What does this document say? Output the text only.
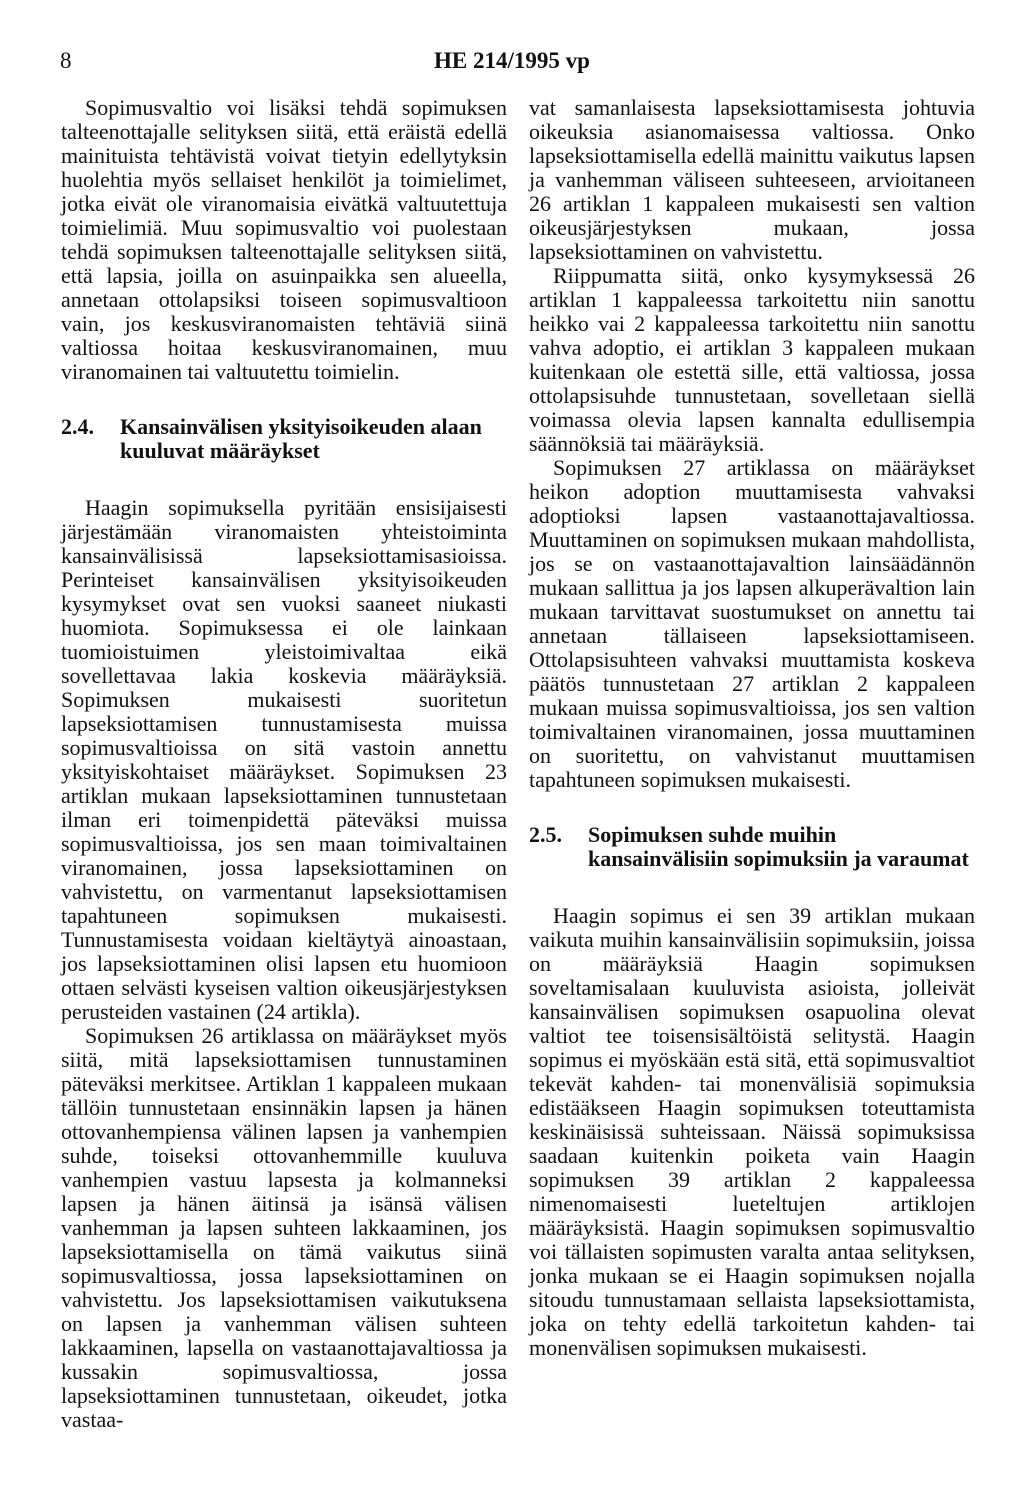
8	HE 214/1995 vp

Sopimusvaltio voi lisäksi tehdä sopimuksen talteenottajalle selityksen siitä, että eräistä edellä mainituista tehtävistä voivat tietyin edellytyksin huolehtia myös sellaiset henkilöt ja toimielimet, jotka eivät ole viranomaisia eivätkä valtuutettuja toimielimiä. Muu sopimusvaltio voi puolestaan tehdä sopimuksen talteenottajalle selityksen siitä, että lapsia, joilla on asuinpaikka sen alueella, annetaan ottolapsiksi toiseen sopimusvaltioon vain, jos keskusviranomaisten tehtäviä siinä valtiossa hoitaa keskusviranomainen, muu viranomainen tai valtuutettu toimielin.

2.4.	Kansainvälisen yksityisoikeuden alaan kuuluvat määräykset

Haagin sopimuksella pyritään ensisijaisesti järjestämään viranomaisten yhteistoiminta kansainvälisissä lapseksiottamisasioissa. Perinteiset kansainvälisen yksityisoikeuden kysymykset ovat sen vuoksi saaneet niukasti huomiota. Sopimuksessa ei ole lainkaan tuomioistuimen yleistoimivaltaa eikä sovellettavaa lakia koskevia määräyksiä. Sopimuksen mukaisesti suoritetun lapseksiottamisen tunnustamisesta muissa sopimusvaltioissa on sitä vastoin annettu yksityiskohtaiset määräykset. Sopimuksen 23 artiklan mukaan lapseksiottaminen tunnustetaan ilman eri toimenpidettä päteväksi muissa sopimusvaltioissa, jos sen maan toimivaltainen viranomainen, jossa lapseksiottaminen on vahvistettu, on varmentanut lapseksiottamisen tapahtuneen sopimuksen mukaisesti. Tunnustamisesta voidaan kieltäytyä ainoastaan, jos lapseksiottaminen olisi lapsen etu huomioon ottaen selvästi kyseisen valtion oikeusjärjestyksen perusteiden vastainen (24 artikla).

Sopimuksen 26 artiklassa on määräykset myös siitä, mitä lapseksiottamisen tunnustaminen päteväksi merkitsee. Artiklan 1 kappaleen mukaan tällöin tunnustetaan ensinnäkin lapsen ja hänen ottovanhempiensa välinen lapsen ja vanhempien suhde, toiseksi ottovanhemmille kuuluva vanhempien vastuu lapsesta ja kolmanneksi lapsen ja hänen äitinsä ja isänsä välisen vanhemman ja lapsen suhteen lakkaaminen, jos lapseksiottamisella on tämä vaikutus siinä sopimusvaltiossa, jossa lapseksiottaminen on vahvistettu. Jos lapseksiottamisen vaikutuksena on lapsen ja vanhemman välisen suhteen lakkaaminen, lapsella on vastaanottajavaltiossa ja kussakin sopimusvaltiossa, jossa lapseksiottaminen tunnustetaan, oikeudet, jotka vastaa-

vat samanlaisesta lapseksiottamisesta johtuvia oikeuksia asianomaisessa valtiossa. Onko lapseksiottamisella edellä mainittu vaikutus lapsen ja vanhemman väliseen suhteeseen, arvioitaneen 26 artiklan 1 kappaleen mukaisesti sen valtion oikeusjärjestyksen mukaan, jossa lapseksiottaminen on vahvistettu.

Riippumatta siitä, onko kysymyksessä 26 artiklan 1 kappaleessa tarkoitettu niin sanottu heikko vai 2 kappaleessa tarkoitettu niin sanottu vahva adoptio, ei artiklan 3 kappaleen mukaan kuitenkaan ole estettä sille, että valtiossa, jossa ottolapsisuhde tunnustetaan, sovelletaan siellä voimassa olevia lapsen kannalta edullisempia säännöksiä tai määräyksiä.

Sopimuksen 27 artiklassa on määräykset heikon adoption muuttamisesta vahvaksi adoptioksi lapsen vastaanottajavaltiossa. Muuttaminen on sopimuksen mukaan mahdollista, jos se on vastaanottajavaltion lainsäädännön mukaan sallittua ja jos lapsen alkuperävaltion lain mukaan tarvittavat suostumukset on annettu tai annetaan tällaiseen lapseksiottamiseen. Ottolapsisuhteen vahvaksi muuttamista koskeva päätös tunnustetaan 27 artiklan 2 kappaleen mukaan muissa sopimusvaltioissa, jos sen valtion toimivaltainen viranomainen, jossa muuttaminen on suoritettu, on vahvistanut muuttamisen tapahtuneen sopimuksen mukaisesti.

2.5.	Sopimuksen suhde muihin kansainvälisiin sopimuksiin ja varaumat

Haagin sopimus ei sen 39 artiklan mukaan vaikuta muihin kansainvälisiin sopimuksiin, joissa on määräyksiä Haagin sopimuksen soveltamisalaan kuuluvista asioista, jolleivät kansainvälisen sopimuksen osapuolina olevat valtiot tee toisensisältöistä selitystä. Haagin sopimus ei myöskään estä sitä, että sopimusvaltiot tekevät kahden- tai monenvälisiä sopimuksia edistääkseen Haagin sopimuksen toteuttamista keskinäisissä suhteissaan. Näissä sopimuksissa saadaan kuitenkin poiketa vain Haagin sopimuksen 39 artiklan 2 kappaleessa nimenomaisesti lueteltujen artiklojen määräyksistä. Haagin sopimuksen sopimusvaltio voi tällaisten sopimusten varalta antaa selityksen, jonka mukaan se ei Haagin sopimuksen nojalla sitoudu tunnustamaan sellaista lapseksiottamista, joka on tehty edellä tarkoitetun kahden- tai monenvälisen sopimuksen mukaisesti.
